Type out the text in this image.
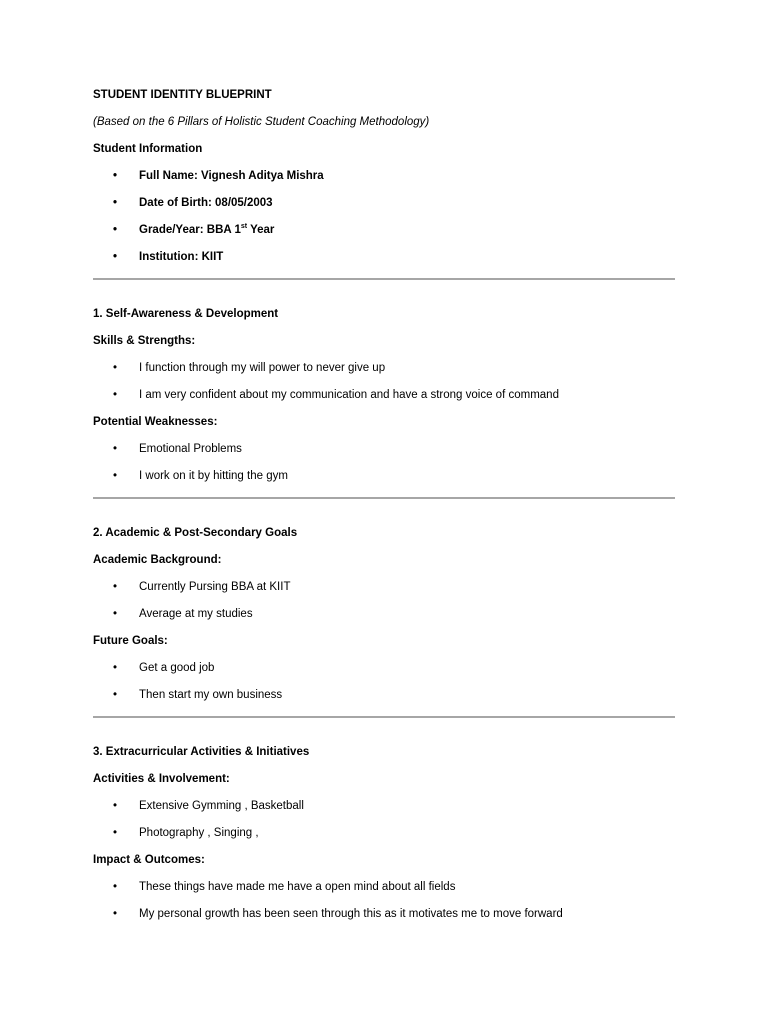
STUDENT IDENTITY BLUEPRINT
(Based on the 6 Pillars of Holistic Student Coaching Methodology)
Student Information
• Full Name: Vignesh Aditya Mishra
• Date of Birth: 08/05/2003
• Grade/Year: BBA 1st Year
• Institution: KIIT
1. Self-Awareness & Development
Skills & Strengths:
• I function through my will power to never give up
• I am very confident about my communication and have a strong voice of command
Potential Weaknesses:
• Emotional Problems
• I work on it by hitting the gym
2. Academic & Post-Secondary Goals
Academic Background:
• Currently Pursing BBA at KIIT
• Average at my studies
Future Goals:
• Get a good job
• Then start my own business
3. Extracurricular Activities & Initiatives
Activities & Involvement:
• Extensive Gymming , Basketball
• Photography , Singing ,
Impact & Outcomes:
• These things have made me have a open mind about all fields
• My personal growth has been seen through this as it motivates me to move forward
